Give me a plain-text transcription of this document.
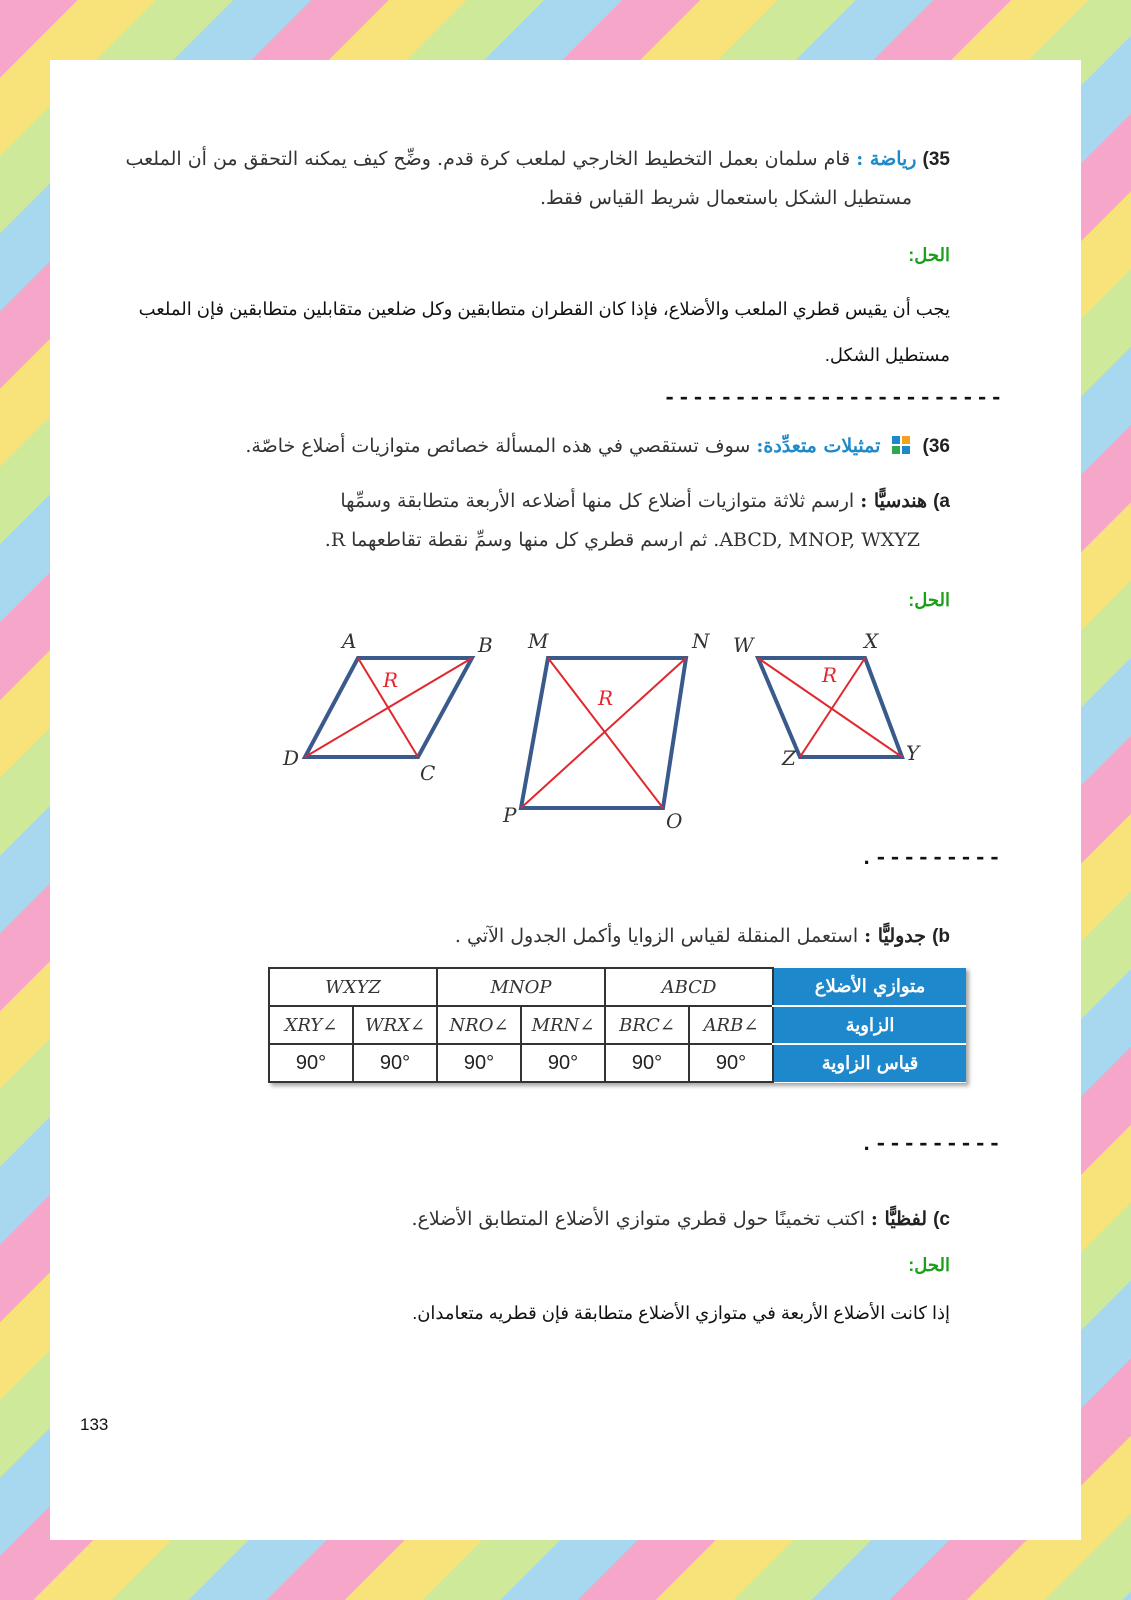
35) رياضة : قام سلمان بعمل التخطيط الخارجي لملعب كرة قدم. وضِّح كيف يمكنه التحقق من أن الملعب
مستطيل الشكل باستعمال شريط القياس فقط.
الحل:
يجب أن يقيس قطري الملعب والأضلاع، فإذا كان القطران متطابقين وكل ضلعين متقابلين متطابقين فإن الملعب مستطيل الشكل.
------------------------
36)  تمثيلات متعدِّدة: سوف تستقصي في هذه المسألة خصائص متوازيات أضلاع خاصّة.
a) هندسيًّا : ارسم ثلاثة متوازيات أضلاع كل منها أضلاعه الأربعة متطابقة وسمِّها
ABCD, MNOP, WXYZ. ثم ارسم قطري كل منها وسمِّ نقطة تقاطعهما R.
الحل:
A	B
C
D
R
M	N
O
P
R
W	X
Y
Z
R
.---------
b) جدوليًّا : استعمل المنقلة لقياس الزوايا وأكمل الجدول الآتي .
متوازي الأضلاع	ABCD		MNOP		WXYZ	
الزاوية	∠ARB	∠BRC	∠MRN	∠NRO	∠WRX	∠XRY
قياس الزاوية	90°	90°	90°	90°	90°	90°
.---------
c) لفظيًّا : اكتب تخمينًا حول قطري متوازي الأضلاع المتطابق الأضلاع.
الحل:
إذا كانت الأضلاع الأربعة في متوازي الأضلاع متطابقة فإن قطريه متعامدان.
133
